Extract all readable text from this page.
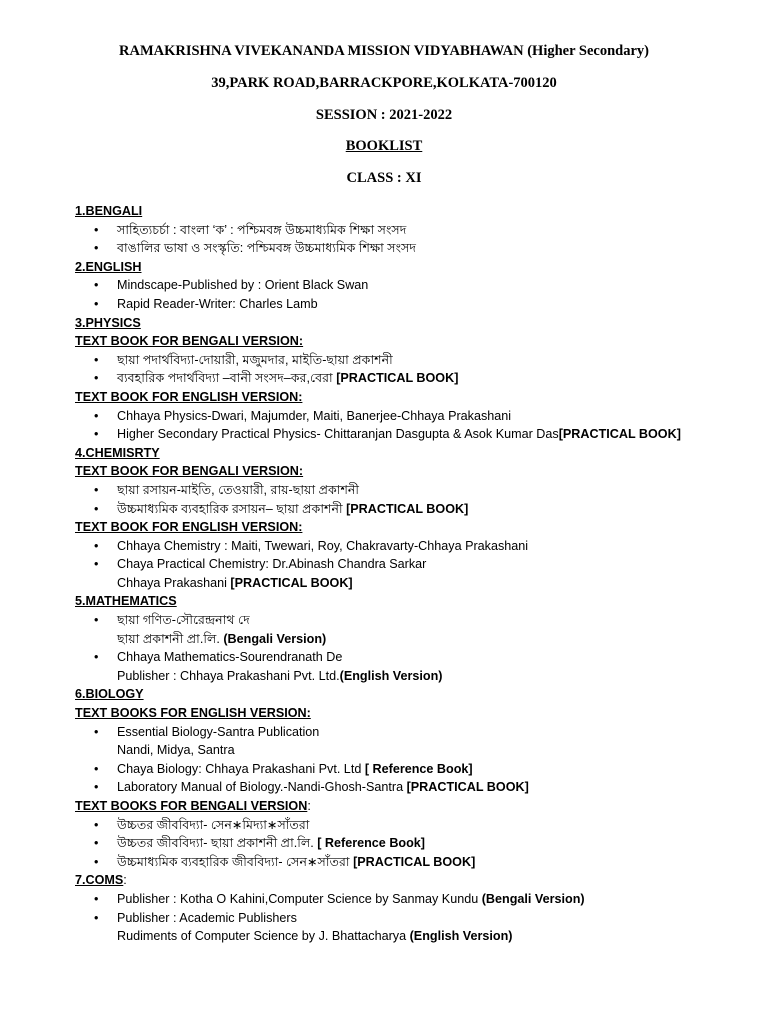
RAMAKRISHNA VIVEKANANDA MISSION VIDYABHAWAN (Higher Secondary)
39,PARK ROAD,BARRACKPORE,KOLKATA-700120
SESSION : 2021-2022
BOOKLIST
CLASS : XI
1.BENGALI
• সাহিত্যচর্চা : বাংলা ‘ক’ : পশ্চিমবঙ্গ উচ্চমাধ্যমিক শিক্ষা সংসদ
• বাঙালির ভাষা ও সংস্কৃতি: পশ্চিমবঙ্গ উচ্চমাধ্যমিক শিক্ষা সংসদ
2.ENGLISH
• Mindscape-Published by : Orient Black Swan
• Rapid Reader-Writer: Charles Lamb
3.PHYSICS
TEXT BOOK FOR BENGALI VERSION:
• ছায়া পদার্থবিদ্যা-দোয়ারী, মজুমদার, মাইতি-ছায়া প্রকাশনী
• ব্যবহারিক পদার্থবিদ্যা –বানী সংসদ–কর,বেরা [PRACTICAL BOOK]
TEXT BOOK FOR ENGLISH VERSION:
• Chhaya Physics-Dwari, Majumder, Maiti, Banerjee-Chhaya Prakashani
• Higher Secondary Practical Physics- Chittaranjan Dasgupta & Asok Kumar Das[PRACTICAL BOOK]
4.CHEMISRTY
TEXT BOOK FOR BENGALI VERSION:
• ছায়া রসায়ন-মাইতি, তেওয়ারী, রায়-ছায়া প্রকাশনী
• উচ্চমাধ্যমিক ব্যবহারিক রসায়ন– ছায়া প্রকাশনী [PRACTICAL BOOK]
TEXT BOOK FOR ENGLISH VERSION:
• Chhaya Chemistry : Maiti, Twewari, Roy, Chakravarty-Chhaya Prakashani
• Chaya Practical Chemistry: Dr.Abinash Chandra Sarkar
Chhaya Prakashani [PRACTICAL BOOK]
5.MATHEMATICS
• ছায়া গণিত-সৌরেন্দ্রনাথ দে
ছায়া প্রকাশনী প্রা.লি. (Bengali Version)
• Chhaya Mathematics-Sourendranath De
Publisher : Chhaya Prakashani Pvt. Ltd.(English Version)
6.BIOLOGY
TEXT BOOKS FOR ENGLISH VERSION:
• Essential Biology-Santra Publication
Nandi, Midya, Santra
• Chaya Biology: Chhaya Prakashani Pvt. Ltd [ Reference Book]
• Laboratory Manual of Biology.-Nandi-Ghosh-Santra [PRACTICAL BOOK]
TEXT BOOKS FOR BENGALI VERSION:
• উচ্চতর জীববিদ্যা- সেন∗মিদ্যা∗সাঁতরা
• উচ্চতর জীববিদ্যা- ছায়া প্রকাশনী প্রা.লি. [ Reference Book]
• উচ্চমাধ্যমিক ব্যবহারিক জীববিদ্যা- সেন∗সাঁতরা [PRACTICAL BOOK]
7.COMS:
• Publisher : Kotha O Kahini,Computer Science by Sanmay Kundu (Bengali Version)
• Publisher : Academic Publishers
Rudiments of Computer Science by J. Bhattacharya (English Version)
